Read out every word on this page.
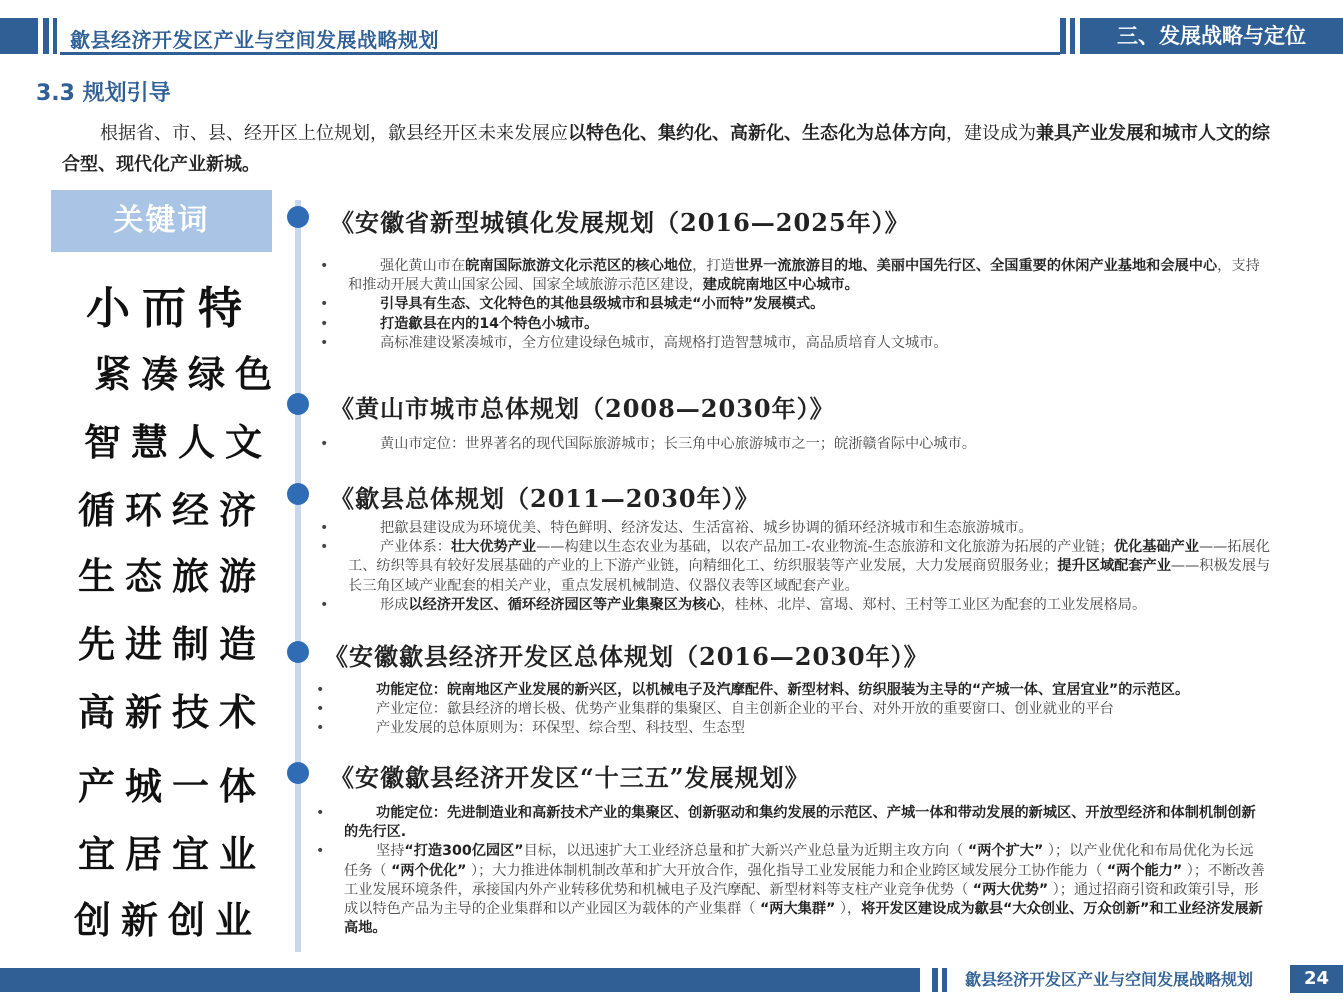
歙县经济开发区产业与空间发展战略规划	三、发展战略与定位
3.3 规划引导
根据省、市、县、经开区上位规划，歙县经开区未来发展应以特色化、集约化、高新化、生态化为总体方向，建设成为兼具产业发展和城市人文的综合型、现代化产业新城。
关键词
小而特
紧凑绿色
智慧人文
循环经济
生态旅游
先进制造
高新技术
产城一体
宜居宜业
创新创业
《安徽省新型城镇化发展规划（2016—2025年）》
《黄山市城市总体规划（2008—2030年）》
《歙县总体规划（2011—2030年）》
《安徽歙县经济开发区总体规划（2016—2030年）》
《安徽歙县经济开发区“十三五”发展规划》
•	强化黄山市在皖南国际旅游文化示范区的核心地位，打造世界一流旅游目的地、美丽中国先行区、全国重要的休闲产业基地和会展中心，支持和推动开展大黄山国家公园、国家全域旅游示范区建设，建成皖南地区中心城市。
•	引导具有生态、文化特色的其他县级城市和县城走“小而特”发展模式。
•	打造歙县在内的14个特色小城市。
•	高标准建设紧凑城市，全方位建设绿色城市，高规格打造智慧城市，高品质培育人文城市。
•	黄山市定位：世界著名的现代国际旅游城市；长三角中心旅游城市之一；皖浙赣省际中心城市。
•	把歙县建设成为环境优美、特色鲜明、经济发达、生活富裕、城乡协调的循环经济城市和生态旅游城市。
•	产业体系：壮大优势产业——构建以生态农业为基础，以农产品加工-农业物流-生态旅游和文化旅游为拓展的产业链；优化基础产业——拓展化工、纺织等具有较好发展基础的产业的上下游产业链，向精细化工、纺织服装等产业发展，大力发展商贸服务业；提升区域配套产业——积极发展与长三角区域产业配套的相关产业，重点发展机械制造、仪器仪表等区域配套产业。
•	形成以经济开发区、循环经济园区等产业集聚区为核心，桂林、北岸、富堨、郑村、王村等工业区为配套的工业发展格局。
•	功能定位：皖南地区产业发展的新兴区，以机械电子及汽摩配件、新型材料、纺织服装为主导的“产城一体、宜居宜业”的示范区。
•	产业定位：歙县经济的增长极、优势产业集群的集聚区、自主创新企业的平台、对外开放的重要窗口、创业就业的平台
•	产业发展的总体原则为：环保型、综合型、科技型、生态型
•	功能定位：先进制造业和高新技术产业的集聚区、创新驱动和集约发展的示范区、产城一体和带动发展的新城区、开放型经济和体制机制创新的先行区.
•	坚持“打造300亿园区”目标，以迅速扩大工业经济总量和扩大新兴产业总量为近期主攻方向（ “两个扩大” ）；以产业优化和布局优化为长远任务（ “两个优化” ）；大力推进体制机制改革和扩大开放合作，强化指导工业发展能力和企业跨区域发展分工协作能力（ “两个能力” ）；不断改善工业发展环境条件，承接国内外产业转移优势和机械电子及汽摩配、新型材料等支柱产业竞争优势（ “两大优势” ）；通过招商引资和政策引导，形成以特色产品为主导的企业集群和以产业园区为载体的产业集群（ “两大集群” ），将开发区建设成为歙县“大众创业、万众创新”和工业经济发展新高地。
歙县经济开发区产业与空间发展战略规划	24
